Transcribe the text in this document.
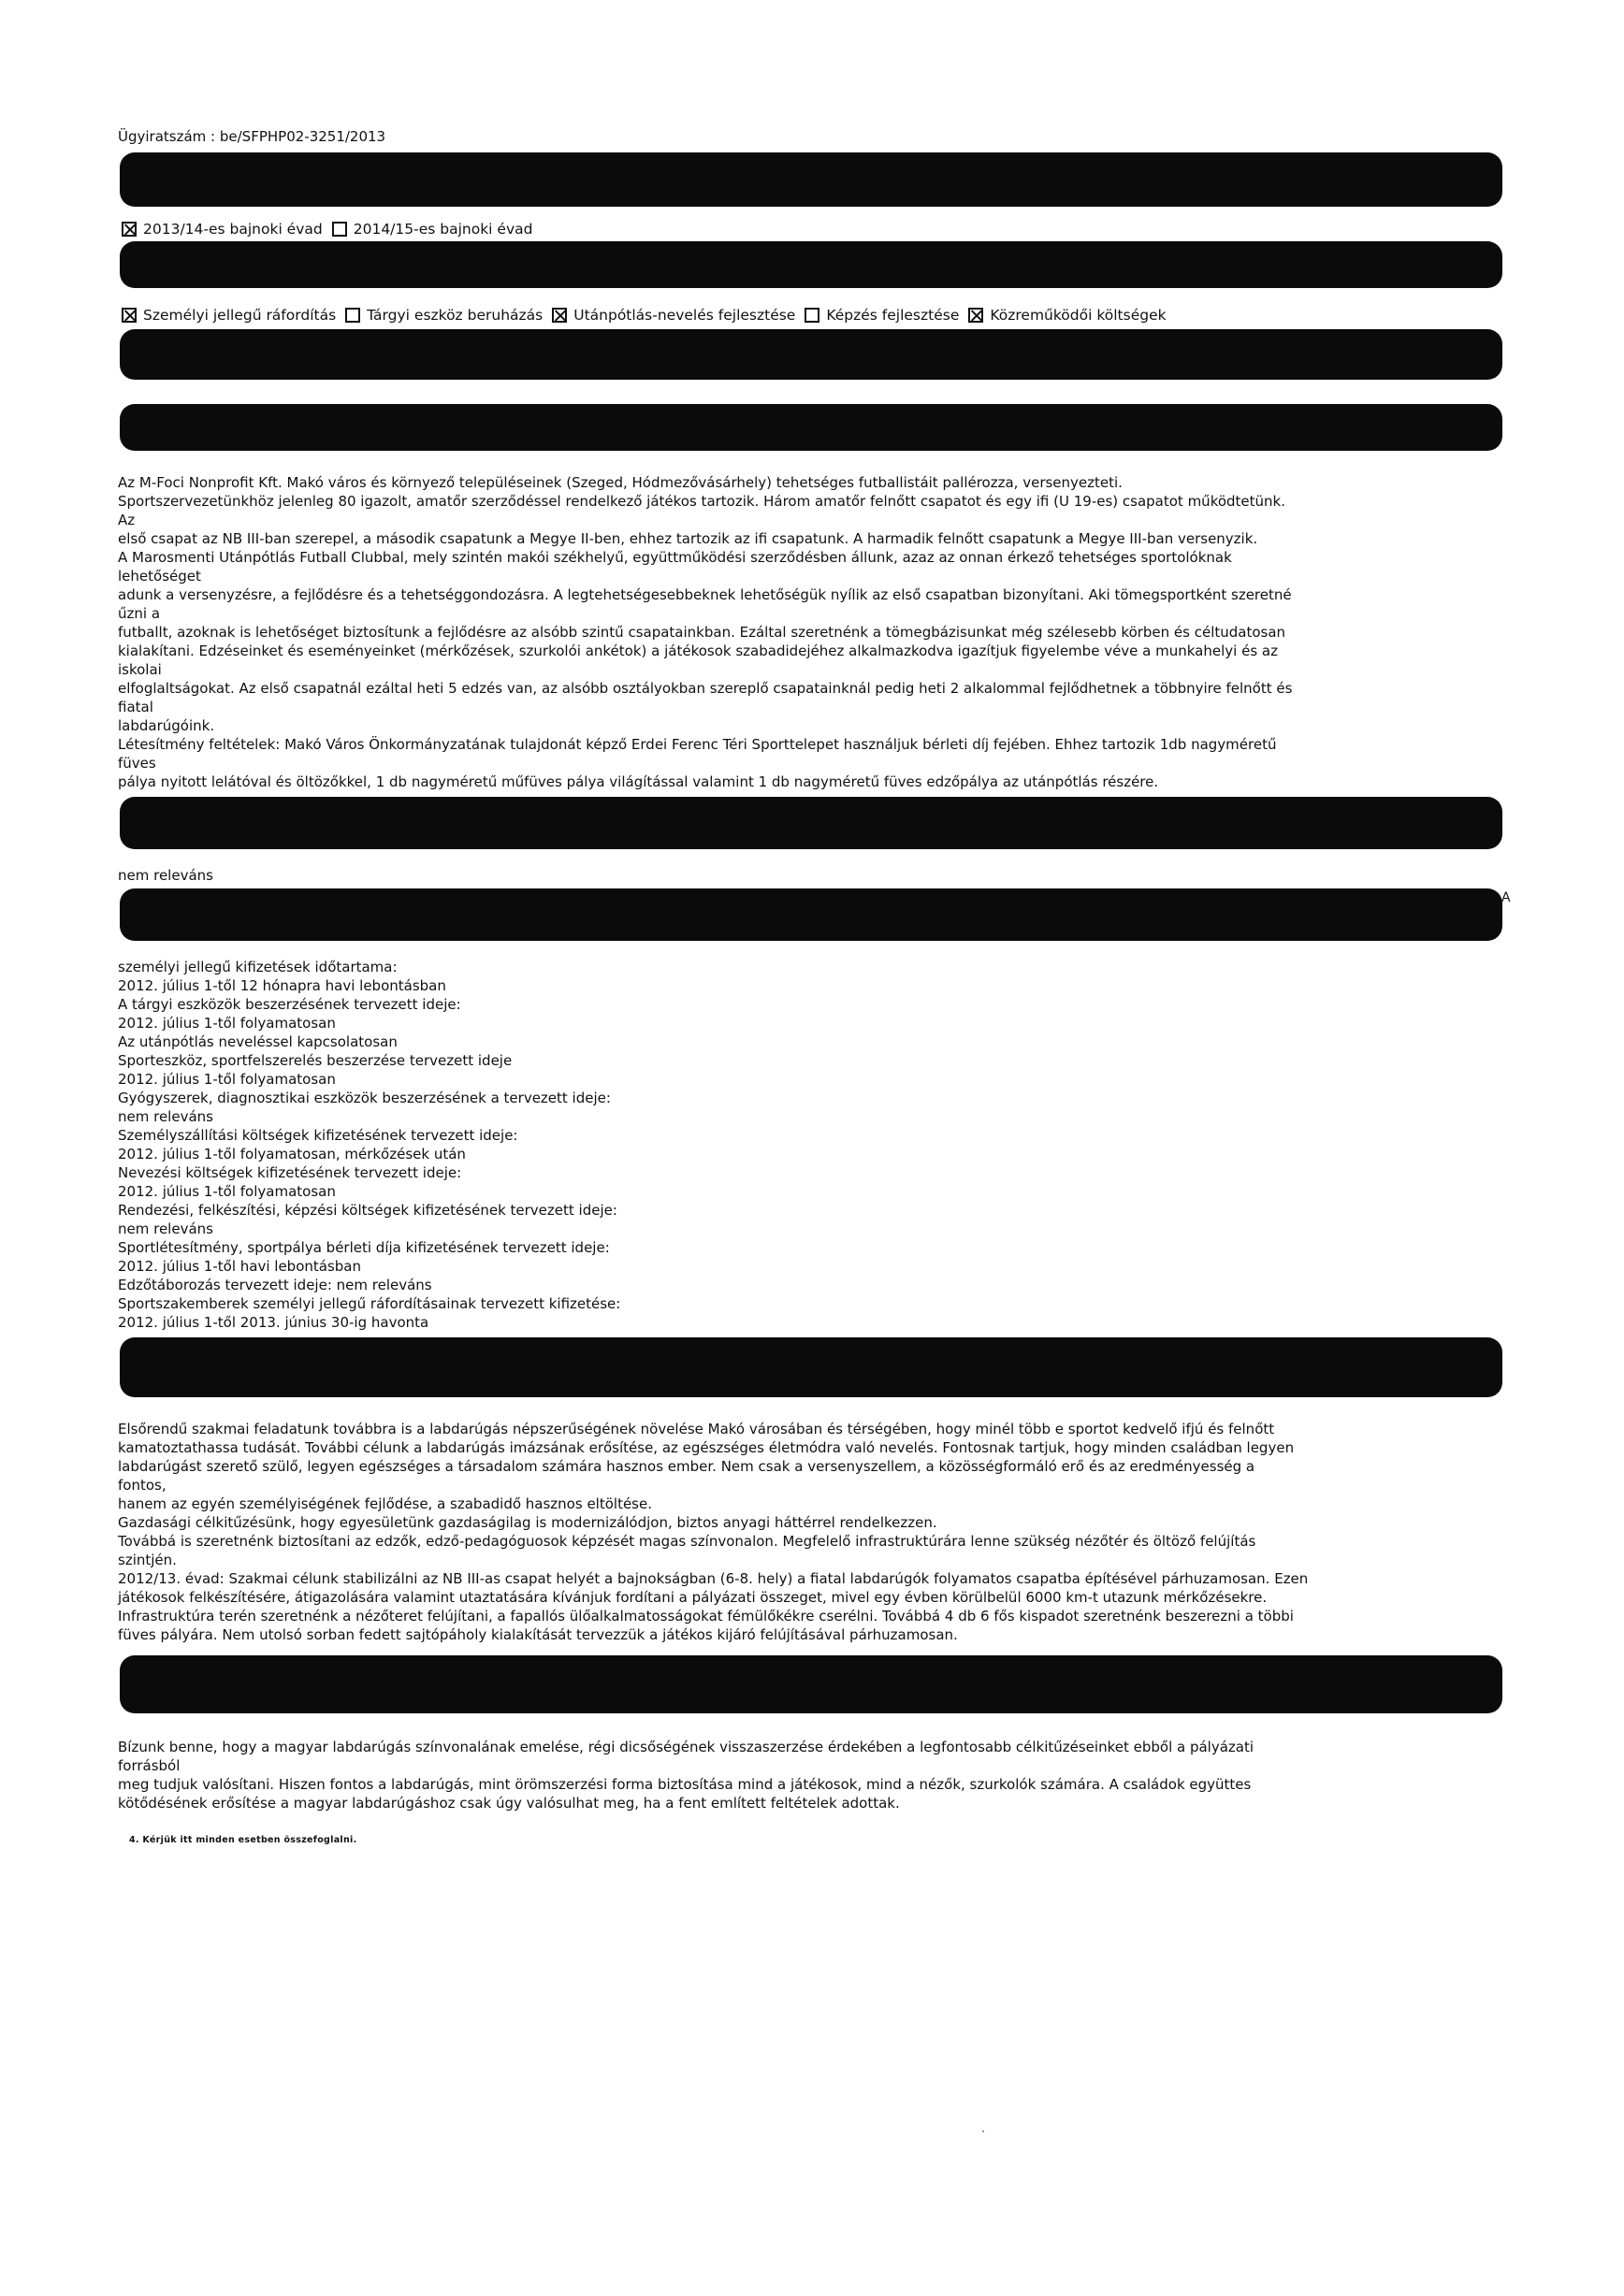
Ügyiratszám : be/SFPHP02-3251/2013
A
2013/14-es bajnoki évad 2014/15-es bajnoki évad
Személyi jellegű ráfordítás Tárgyi eszköz beruházás Utánpótlás-nevelés fejlesztése Képzés fejlesztése Közreműködői költségek
Az M-Foci Nonprofit Kft. Makó város és környező településeinek (Szeged, Hódmezővásárhely) tehetséges futballistáit pallérozza, versenyezteti.
Sportszervezetünkhöz jelenleg 80 igazolt, amatőr szerződéssel rendelkező játékos tartozik. Három amatőr felnőtt csapatot és egy ifi (U 19-es) csapatot működtetünk.
Az
első csapat az NB III-ban szerepel, a második csapatunk a Megye II-ben, ehhez tartozik az ifi csapatunk. A harmadik felnőtt csapatunk a Megye III-ban versenyzik.
A Marosmenti Utánpótlás Futball Clubbal, mely szintén makói székhelyű, együttműködési szerződésben állunk, azaz az onnan érkező tehetséges sportolóknak
lehetőséget
adunk a versenyzésre, a fejlődésre és a tehetséggondozásra. A legtehetségesebbeknek lehetőségük nyílik az első csapatban bizonyítani. Aki tömegsportként szeretné
űzni a
futballt, azoknak is lehetőséget biztosítunk a fejlődésre az alsóbb szintű csapatainkban. Ezáltal szeretnénk a tömegbázisunkat még szélesebb körben és céltudatosan
kialakítani. Edzéseinket és eseményeinket (mérkőzések, szurkolói ankétok) a játékosok szabadidejéhez alkalmazkodva igazítjuk figyelembe véve a munkahelyi és az
iskolai
elfoglaltságokat. Az első csapatnál ezáltal heti 5 edzés van, az alsóbb osztályokban szereplő csapatainknál pedig heti 2 alkalommal fejlődhetnek a többnyire felnőtt és
fiatal
labdarúgóink.
Létesítmény feltételek: Makó Város Önkormányzatának tulajdonát képző Erdei Ferenc Téri Sporttelepet használjuk bérleti díj fejében. Ehhez tartozik 1db nagyméretű
füves
pálya nyitott lelátóval és öltözőkkel, 1 db nagyméretű műfüves pálya világítással valamint 1 db nagyméretű füves edzőpálya az utánpótlás részére.
nem releváns
személyi jellegű kifizetések időtartama:
2012. július 1-től 12 hónapra havi lebontásban
A tárgyi eszközök beszerzésének tervezett ideje:
2012. július 1-től folyamatosan
Az utánpótlás neveléssel kapcsolatosan
Sporteszköz, sportfelszerelés beszerzése tervezett ideje
2012. július 1-től folyamatosan
Gyógyszerek, diagnosztikai eszközök beszerzésének a tervezett ideje:
nem releváns
Személyszállítási költségek kifizetésének tervezett ideje:
2012. július 1-től folyamatosan, mérkőzések után
Nevezési költségek kifizetésének tervezett ideje:
2012. július 1-től folyamatosan
Rendezési, felkészítési, képzési költségek kifizetésének tervezett ideje:
nem releváns
Sportlétesítmény, sportpálya bérleti díja kifizetésének tervezett ideje:
2012. július 1-től havi lebontásban
Edzőtáborozás tervezett ideje: nem releváns
Sportszakemberek személyi jellegű ráfordításainak tervezett kifizetése:
2012. július 1-től 2013. június 30-ig havonta
Elsőrendű szakmai feladatunk továbbra is a labdarúgás népszerűségének növelése Makó városában és térségében, hogy minél több e sportot kedvelő ifjú és felnőtt
kamatoztathassa tudását. További célunk a labdarúgás imázsának erősítése, az egészséges életmódra való nevelés. Fontosnak tartjuk, hogy minden családban legyen
labdarúgást szerető szülő, legyen egészséges a társadalom számára hasznos ember. Nem csak a versenyszellem, a közösségformáló erő és az eredményesség a
fontos,
hanem az egyén személyiségének fejlődése, a szabadidő hasznos eltöltése.
Gazdasági célkitűzésünk, hogy egyesületünk gazdaságilag is modernizálódjon, biztos anyagi háttérrel rendelkezzen.
Továbbá is szeretnénk biztosítani az edzők, edző-pedagóguosok képzését magas színvonalon. Megfelelő infrastruktúrára lenne szükség nézőtér és öltöző felújítás
szintjén.
2012/13. évad: Szakmai célunk stabilizálni az NB III-as csapat helyét a bajnokságban (6-8. hely) a fiatal labdarúgók folyamatos csapatba építésével párhuzamosan. Ezen
játékosok felkészítésére, átigazolására valamint utaztatására kívánjuk fordítani a pályázati összeget, mivel egy évben körülbelül 6000 km-t utazunk mérkőzésekre.
Infrastruktúra terén szeretnénk a nézőteret felújítani, a fapallós ülőalkalmatosságokat fémülőkékre cserélni. Továbbá 4 db 6 fős kispadot szeretnénk beszerezni a többi
füves pályára. Nem utolsó sorban fedett sajtópáholy kialakítását tervezzük a játékos kijáró felújításával párhuzamosan.
Bízunk benne, hogy a magyar labdarúgás színvonalának emelése, régi dicsőségének visszaszerzése érdekében a legfontosabb célkitűzéseinket ebből a pályázati
forrásból
meg tudjuk valósítani. Hiszen fontos a labdarúgás, mint örömszerzési forma biztosítása mind a játékosok, mind a nézők, szurkolók számára. A családok együttes
kötődésének erősítése a magyar labdarúgáshoz csak úgy valósulhat meg, ha a fent említett feltételek adottak.
4. Kérjük itt minden esetben összefoglalni.
